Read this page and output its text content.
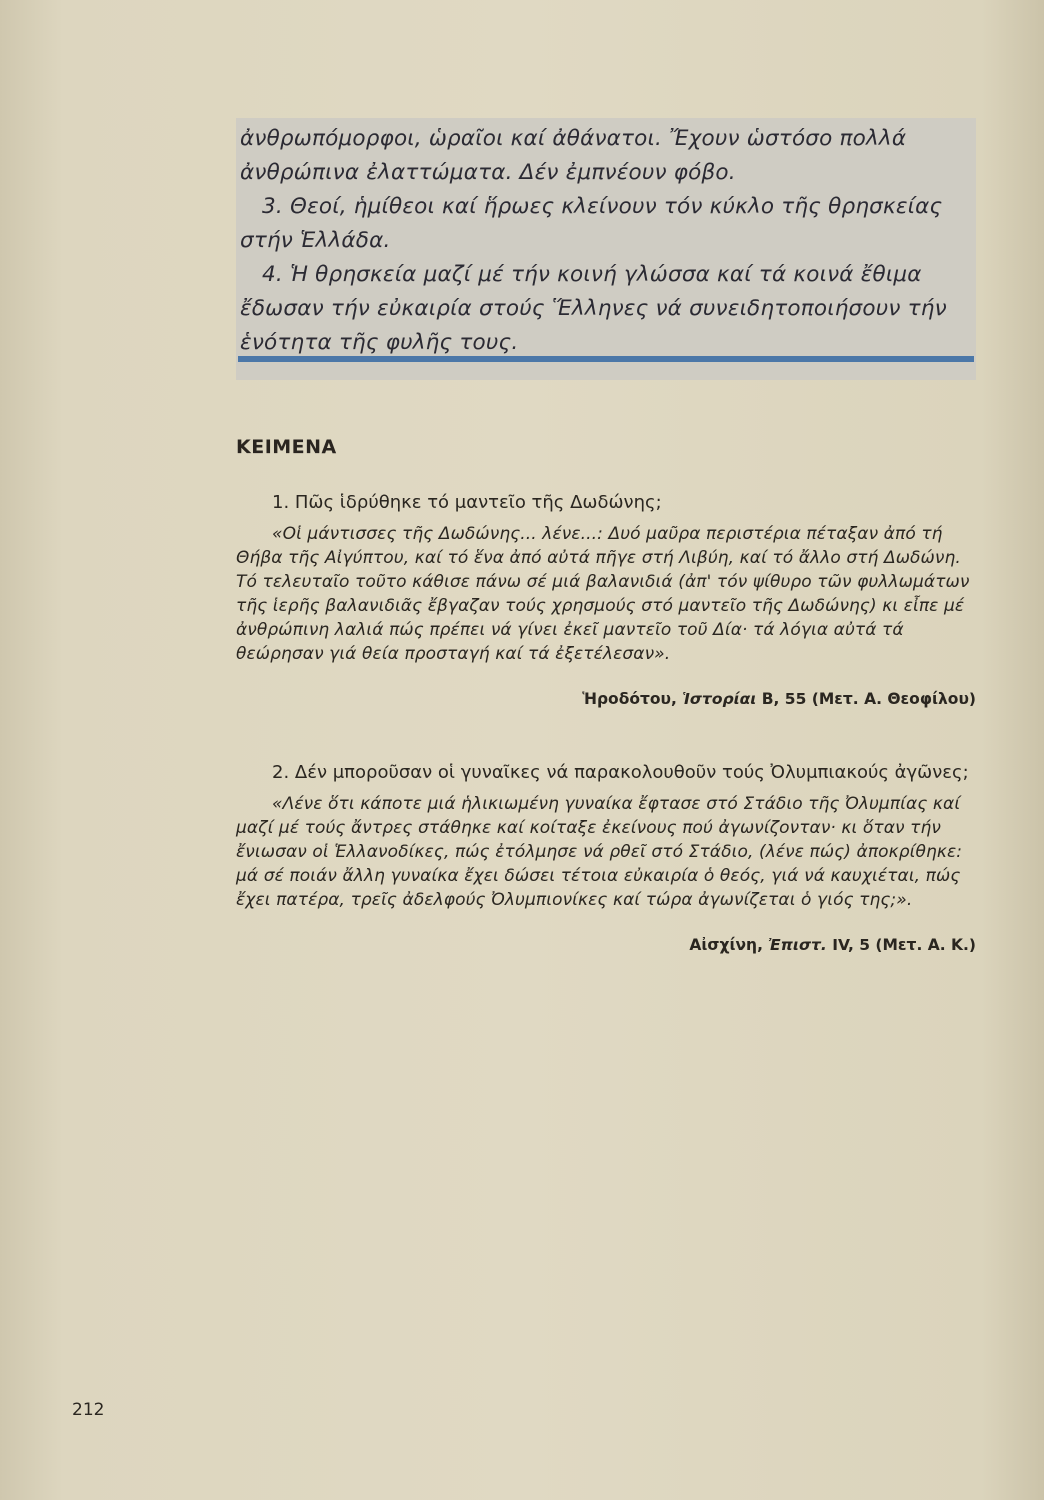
ἀνθρωπόμορφοι, ὡραῖοι καί ἀθάνατοι. Ἔχουν ὡστόσο πολλά ἀνθρώπινα ἐλαττώματα. Δέν ἐμπνέουν φόβο.

3. Θεοί, ἡμίθεοι καί ἥρωες κλείνουν τόν κύκλο τῆς θρησκείας στήν Ἑλλάδα.

4. Ἡ θρησκεία μαζί μέ τήν κοινή γλώσσα καί τά κοινά ἔθιμα ἔδωσαν τήν εὐκαιρία στούς Ἕλληνες νά συνειδητοποιήσουν τήν ἑνότητα τῆς φυλῆς τους.

ΚΕΙΜΕΝΑ

1. Πῶς ἱδρύθηκε τό μαντεῖο τῆς Δωδώνης;

«Οἱ μάντισσες τῆς Δωδώνης... λένε...: Δυό μαῦρα περιστέρια πέταξαν ἀπό τή Θήβα τῆς Αἰγύπτου, καί τό ἕνα ἀπό αὐτά πῆγε στή Λιβύη, καί τό ἄλλο στή Δωδώνη. Τό τελευταῖο τοῦτο κάθισε πάνω σέ μιά βαλανιδιά (ἀπ' τόν ψίθυρο τῶν φυλλωμάτων τῆς ἱερῆς βαλανιδιᾶς ἔβγαζαν τούς χρησμούς στό μαντεῖο τῆς Δωδώνης) κι εἶπε μέ ἀνθρώπινη λαλιά πώς πρέπει νά γίνει ἐκεῖ μαντεῖο τοῦ Δία· τά λόγια αὐτά τά θεώρησαν γιά θεία προσταγή καί τά ἐξετέλεσαν».

Ἡροδότου, Ἱστορίαι Β, 55 (Μετ. Α. Θεοφίλου)

2. Δέν μποροῦσαν οἱ γυναῖκες νά παρακολουθοῦν τούς Ὀλυμπιακούς ἀγῶνες;

«Λένε ὅτι κάποτε μιά ἡλικιωμένη γυναίκα ἔφτασε στό Στάδιο τῆς Ὀλυμπίας καί μαζί μέ τούς ἄντρες στάθηκε καί κοίταξε ἐκείνους πού ἀγωνίζονταν· κι ὅταν τήν ἔνιωσαν οἱ Ἑλλανοδίκες, πώς ἐτόλμησε νά ρθεῖ στό Στάδιο, (λένε πώς) ἀποκρίθηκε: μά σέ ποιάν ἄλλη γυναίκα ἔχει δώσει τέτοια εὐκαιρία ὁ θεός, γιά νά καυχιέται, πώς ἔχει πατέρα, τρεῖς ἀδελφούς Ὀλυμπιονίκες καί τώρα ἀγωνίζεται ὁ γιός της;».

Αἰσχίνη, Ἐπιστ. IV, 5 (Μετ. Α. Κ.)

212
